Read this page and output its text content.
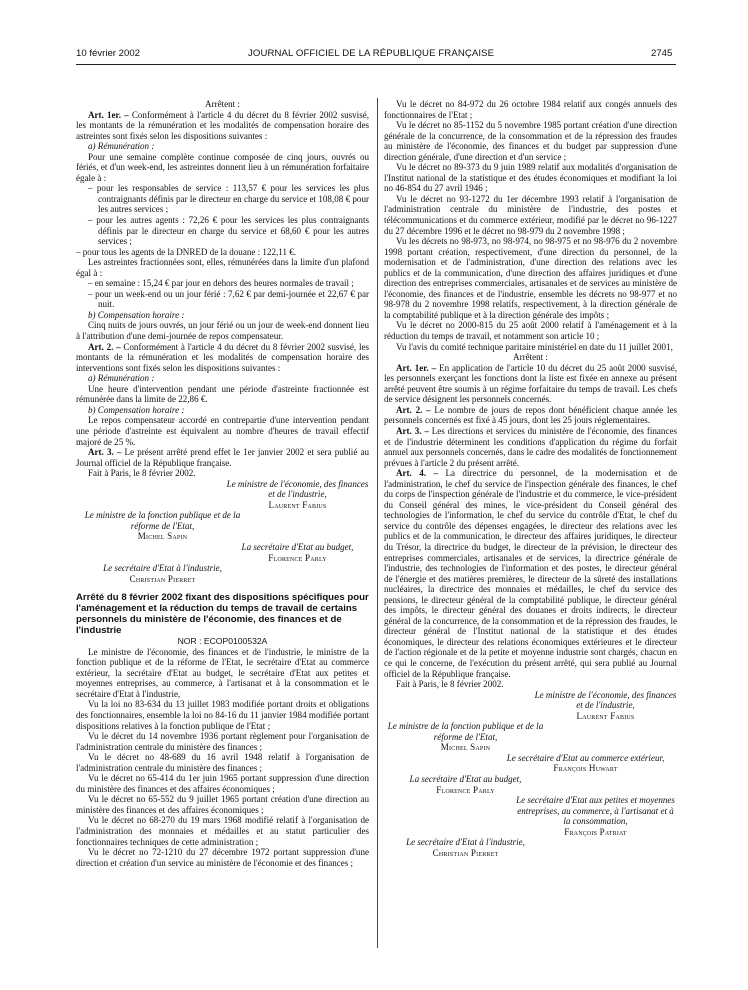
10 février 2002	JOURNAL OFFICIEL DE LA RÉPUBLIQUE FRANÇAISE	2745

Arrêtent :

Art. 1er. – Conformément à l'article 4 du décret du 8 février 2002 susvisé, les montants de la rémunération et les modalités de compensation horaire des astreintes sont fixés selon les dispositions suivantes :

a) Rémunération :

Pour une semaine complète continue composée de cinq jours, ouvrés ou fériés, et d'un week-end, les astreintes donnent lieu à un rémunération forfaitaire égale à :

– pour les responsables de service : 113,57 € pour les services les plus contraignants définis par le directeur en charge du service et 108,08 € pour les autres services ;

– pour les autres agents : 72,26 € pour les services les plus contraignants définis par le directeur en charge du service et 68,60 € pour les autres services ;

– pour tous les agents de la DNRED de la douane : 122,11 €.

Les astreintes fractionnées sont, elles, rémunérées dans la limite d'un plafond égal à :

– en semaine : 15,24 € par jour en dehors des heures normales de travail ;

– pour un week-end ou un jour férié : 7,62 € par demi-journée et 22,67 € par nuit.

b) Compensation horaire :

Cinq nuits de jours ouvrés, un jour férié ou un jour de week-end donnent lieu à l'attribution d'une demi-journée de repos compensateur.

Art. 2. – Conformément à l'article 4 du décret du 8 février 2002 susvisé, les montants de la rémunération et les modalités de compensation horaire des interventions sont fixés selon les dispositions suivantes :

a) Rémunération :

Une heure d'intervention pendant une période d'astreinte fractionnée est rémunérée dans la limite de 22,86 €.

b) Compensation horaire :

Le repos compensateur accordé en contrepartie d'une intervention pendant une période d'astreinte est équivalent au nombre d'heures de travail effectif majoré de 25 %.

Art. 3. – Le présent arrêté prend effet le 1er janvier 2002 et sera publié au Journal officiel de la République française.

Fait à Paris, le 8 février 2002.

Le ministre de l'économie, des finances et de l'industrie,

Laurent Fabius

Le ministre de la fonction publique et de la réforme de l'Etat,

Michel Sapin

La secrétaire d'Etat au budget,

Florence Parly

Le secrétaire d'Etat à l'industrie,

Christian Pierret

Arrêté du 8 février 2002 fixant des dispositions spécifiques pour l'aménagement et la réduction du temps de travail de certains personnels du ministère de l'économie, des finances et de l'industrie

NOR : ECOP0100532A

Le ministre de l'économie, des finances et de l'industrie, le ministre de la fonction publique et de la réforme de l'Etat, le secrétaire d'Etat au commerce extérieur, la secrétaire d'Etat au budget, le secrétaire d'Etat aux petites et moyennes entreprises, au commerce, à l'artisanat et à la consommation et le secrétaire d'Etat à l'industrie,

Vu la loi no 83-634 du 13 juillet 1983 modifiée portant droits et obligations des fonctionnaires, ensemble la loi no 84-16 du 11 janvier 1984 modifiée portant dispositions relatives à la fonction publique de l'Etat ;

Vu le décret du 14 novembre 1936 portant règlement pour l'organisation de l'administration centrale du ministère des finances ;

Vu le décret no 48-689 du 16 avril 1948 relatif à l'organisation de l'administration centrale du ministère des finances ;

Vu le décret no 65-414 du 1er juin 1965 portant suppression d'une direction du ministère des finances et des affaires économiques ;

Vu le décret no 65-552 du 9 juillet 1965 portant création d'une direction au ministère des finances et des affaires économiques ;

Vu le décret no 68-270 du 19 mars 1968 modifié relatif à l'organisation de l'administration des monnaies et médailles et au statut particulier des fonctionnaires techniques de cette administration ;

Vu le décret no 72-1210 du 27 décembre 1972 portant suppression d'une direction et création d'un service au ministère de l'économie et des finances ;

Vu le décret no 84-972 du 26 octobre 1984 relatif aux congés annuels des fonctionnaires de l'Etat ;

Vu le décret no 85-1152 du 5 novembre 1985 portant création d'une direction générale de la concurrence, de la consommation et de la répression des fraudes au ministère de l'économie, des finances et du budget par suppression d'une direction générale, d'une direction et d'un service ;

Vu le décret no 89-373 du 9 juin 1989 relatif aux modalités d'organisation de l'Institut national de la statistique et des études économiques et modifiant la loi no 46-854 du 27 avril 1946 ;

Vu le décret no 93-1272 du 1er décembre 1993 relatif à l'organisation de l'administration centrale du ministère de l'industrie, des postes et télécommunications et du commerce extérieur, modifié par le décret no 96-1227 du 27 décembre 1996 et le décret no 98-979 du 2 novembre 1998 ;

Vu les décrets no 98-973, no 98-974, no 98-975 et no 98-976 du 2 novembre 1998 portant création, respectivement, d'une direction du personnel, de la modernisation et de l'administration, d'une direction des relations avec les publics et de la communication, d'une direction des affaires juridiques et d'une direction des entreprises commerciales, artisanales et de services au ministère de l'économie, des finances et de l'industrie, ensemble les décrets no 98-977 et no 98-978 du 2 novembre 1998 relatifs, respectivement, à la direction générale de la comptabilité publique et à la direction générale des impôts ;

Vu le décret no 2000-815 du 25 août 2000 relatif à l'aménagement et à la réduction du temps de travail, et notamment son article 10 ;

Vu l'avis du comité technique paritaire ministériel en date du 11 juillet 2001,

Arrêtent :

Art. 1er. – En application de l'article 10 du décret du 25 août 2000 susvisé, les personnels exerçant les fonctions dont la liste est fixée en annexe au présent arrêté peuvent être soumis à un régime forfaitaire du temps de travail. Les chefs de service désignent les personnels concernés.

Art. 2. – Le nombre de jours de repos dont bénéficient chaque année les personnels concernés est fixé à 45 jours, dont les 25 jours réglementaires.

Art. 3. – Les directions et services du ministère de l'économie, des finances et de l'industrie déterminent les conditions d'application du régime du forfait annuel aux personnels concernés, dans le cadre des modalités de fonctionnement prévues à l'article 2 du présent arrêté.

Art. 4. – La directrice du personnel, de la modernisation et de l'administration, le chef du service de l'inspection générale des finances, le chef du corps de l'inspection générale de l'industrie et du commerce, le vice-président du Conseil général des mines, le vice-président du Conseil général des technologies de l'information, le chef du service du contrôle d'Etat, le chef du service du contrôle des dépenses engagées, le directeur des relations avec les publics et de la communication, le directeur des affaires juridiques, le directeur du Trésor, la directrice du budget, le directeur de la prévision, le directeur des entreprises commerciales, artisanales et de services, la directrice générale de l'industrie, des technologies de l'information et des postes, le directeur général de l'énergie et des matières premières, le directeur de la sûreté des installations nucléaires, la directrice des monnaies et médailles, le chef du service des pensions, le directeur général de la comptabilité publique, le directeur général des impôts, le directeur général des douanes et droits indirects, le directeur général de la concurrence, de la consommation et de la répression des fraudes, le directeur général de l'Institut national de la statistique et des études économiques, le directeur des relations économiques extérieures et le directeur de l'action régionale et de la petite et moyenne industrie sont chargés, chacun en ce qui le concerne, de l'exécution du présent arrêté, qui sera publié au Journal officiel de la République française.

Fait à Paris, le 8 février 2002.

Le ministre de l'économie, des finances et de l'industrie,

Laurent Fabius

Le ministre de la fonction publique et de la réforme de l'Etat,

Michel Sapin

Le secrétaire d'Etat au commerce extérieur,

François Huwart

La secrétaire d'Etat au budget,

Florence Parly

Le secrétaire d'Etat aux petites et moyennes entreprises, au commerce, à l'artisanat et à la consommation,

François Patriat

Le secrétaire d'Etat à l'industrie,

Christian Pierret
